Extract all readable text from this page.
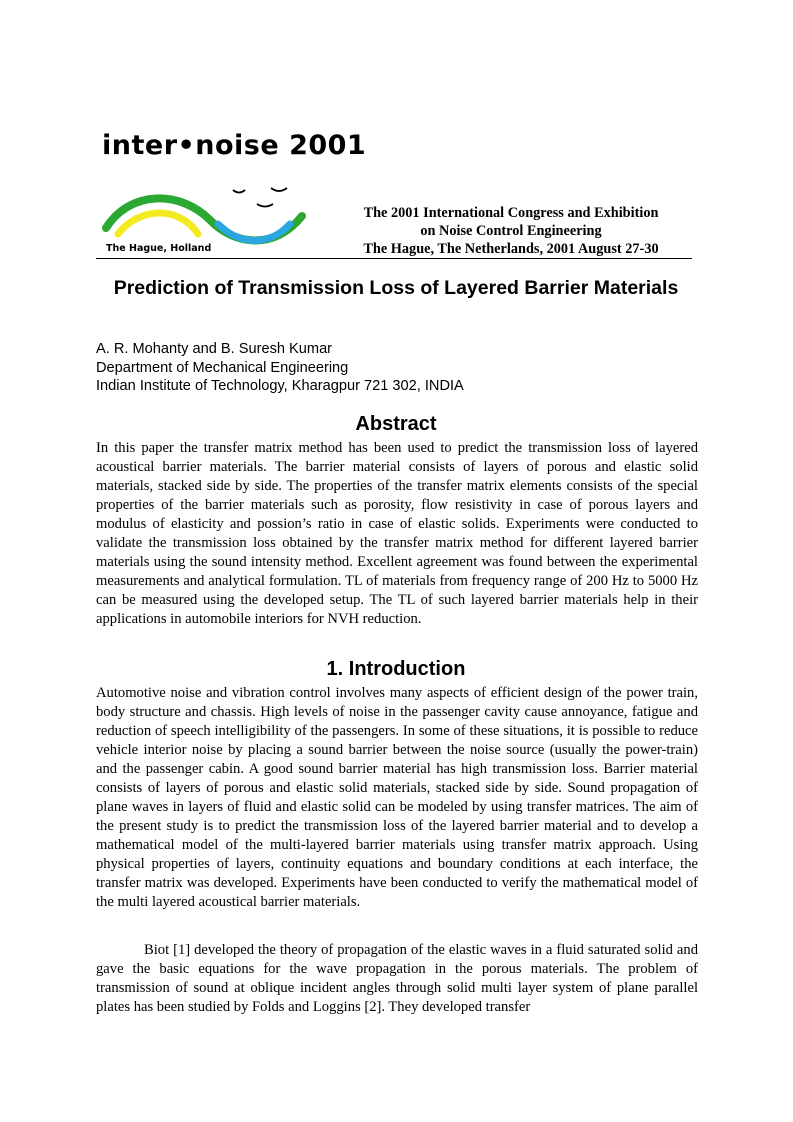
inter•noise 2001
The Hague, Holland
The 2001 International Congress and Exhibition
on Noise Control Engineering
The Hague, The Netherlands, 2001 August 27-30
Prediction of Transmission Loss of Layered Barrier Materials
A. R. Mohanty and B. Suresh Kumar
Department of Mechanical Engineering
Indian Institute of Technology, Kharagpur 721 302, INDIA
Abstract
In this paper the transfer matrix method has been used to predict the transmission loss of layered acoustical barrier materials. The barrier material consists of layers of porous and elastic solid materials, stacked side by side. The properties of the transfer matrix elements consists of the special properties of the barrier materials such as porosity, flow resistivity in case of porous layers and modulus of elasticity and possion’s ratio in case of elastic solids. Experiments were conducted to validate the transmission loss obtained by the transfer matrix method for different layered barrier materials using the sound intensity method. Excellent agreement was found between the experimental measurements and analytical formulation. TL of materials from frequency range of 200 Hz to 5000 Hz can be measured using the developed setup. The TL of such layered barrier materials help in their applications in automobile interiors for NVH reduction.
1. Introduction
Automotive noise and vibration control involves many aspects of efficient design of the power train, body structure and chassis. High levels of noise in the passenger cavity cause annoyance, fatigue and reduction of speech intelligibility of the passengers. In some of these situations, it is possible to reduce vehicle interior noise by placing a sound barrier between the noise source (usually the power-train) and the passenger cabin. A good sound barrier material has high transmission loss. Barrier material consists of layers of porous and elastic solid materials, stacked side by side. Sound propagation of plane waves in layers of fluid and elastic solid can be modeled by using transfer matrices. The aim of the present study is to predict the transmission loss of the layered barrier material and to develop a mathematical model of the multi-layered barrier materials using transfer matrix approach. Using physical properties of layers, continuity equations and boundary conditions at each interface, the transfer matrix was developed. Experiments have been conducted to verify the mathematical model of the multi layered acoustical barrier materials.
Biot [1] developed the theory of propagation of the elastic waves in a fluid saturated solid and gave the basic equations for the wave propagation in the porous materials. The problem of transmission of sound at oblique incident angles through solid multi layer system of plane parallel plates has been studied by Folds and Loggins [2]. They developed transfer
